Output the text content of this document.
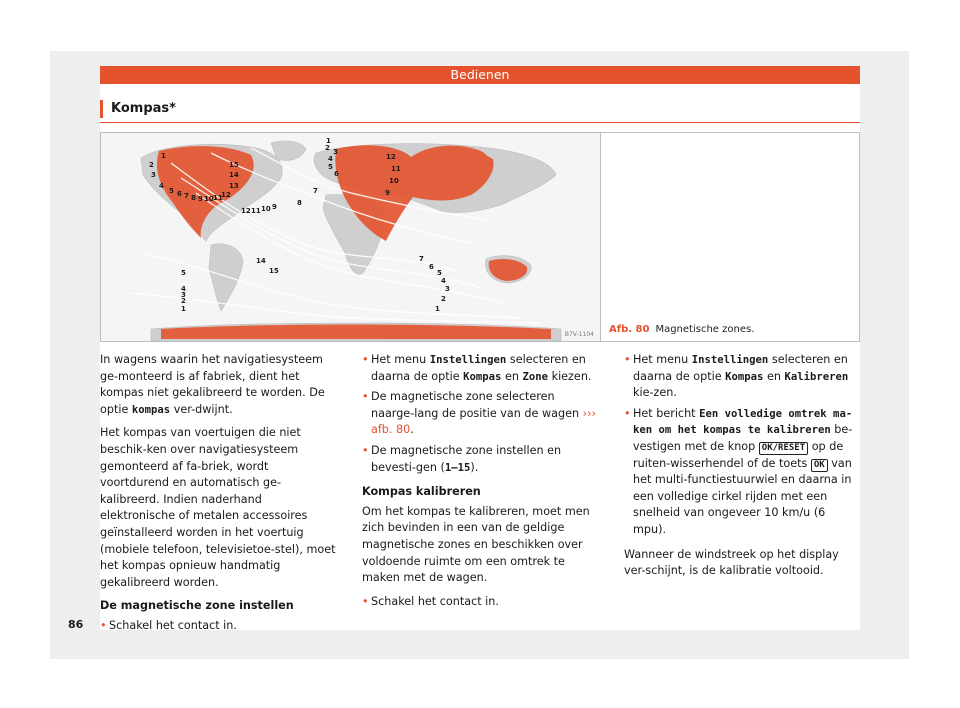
Bedienen
Kompas*
1
2
3
4
5 6 7 8 9 10 11
12
13
14
15
12 11 10 9	8
7
6
5
4
3
2
1
12
11
10
9
14
15
5
4
3
2
1
7
6
5
4
3
2
1
B7V-1104 Afb. 80 Magnetische zones.

In wagens waarin het navigatiesysteem ge-monteerd is af fabriek, dient het kompas niet gekalibreerd te worden. De optie kompas ver-dwijnt.

Het kompas van voertuigen die niet beschik-ken over navigatiesysteem gemonteerd af fa-briek, wordt voortdurend en automatisch ge-kalibreerd. Indien naderhand elektronische of metalen accessoires geïnstalleerd worden in het voertuig (mobiele telefoon, televisietoe-stel), moet het kompas opnieuw handmatig gekalibreerd worden.

De magnetische zone instellen

• Schakel het contact in.

• Het menu Instellingen selecteren en daarna de optie Kompas en Zone kiezen.

• De magnetische zone selecteren naarge-lang de positie van de wagen ››› afb. 80.

• De magnetische zone instellen en bevesti-gen (1–15).

Kompas kalibreren

Om het kompas te kalibreren, moet men zich bevinden in een van de geldige magnetische zones en beschikken over voldoende ruimte om een omtrek te maken met de wagen.

• Schakel het contact in.

• Het menu Instellingen selecteren en daarna de optie Kompas en Kalibreren kie-zen.

• Het bericht Een volledige omtrek ma-ken om het kompas te kalibreren be-vestigen met de knop OK/RESET op de ruiten-wisserhendel of de toets OK van het multi-functiestuurwiel en daarna in een volledige cirkel rijden met een snelheid van ongeveer 10 km/u (6 mpu).

Wanneer de windstreek op het display ver-schijnt, is de kalibratie voltooid.

86
